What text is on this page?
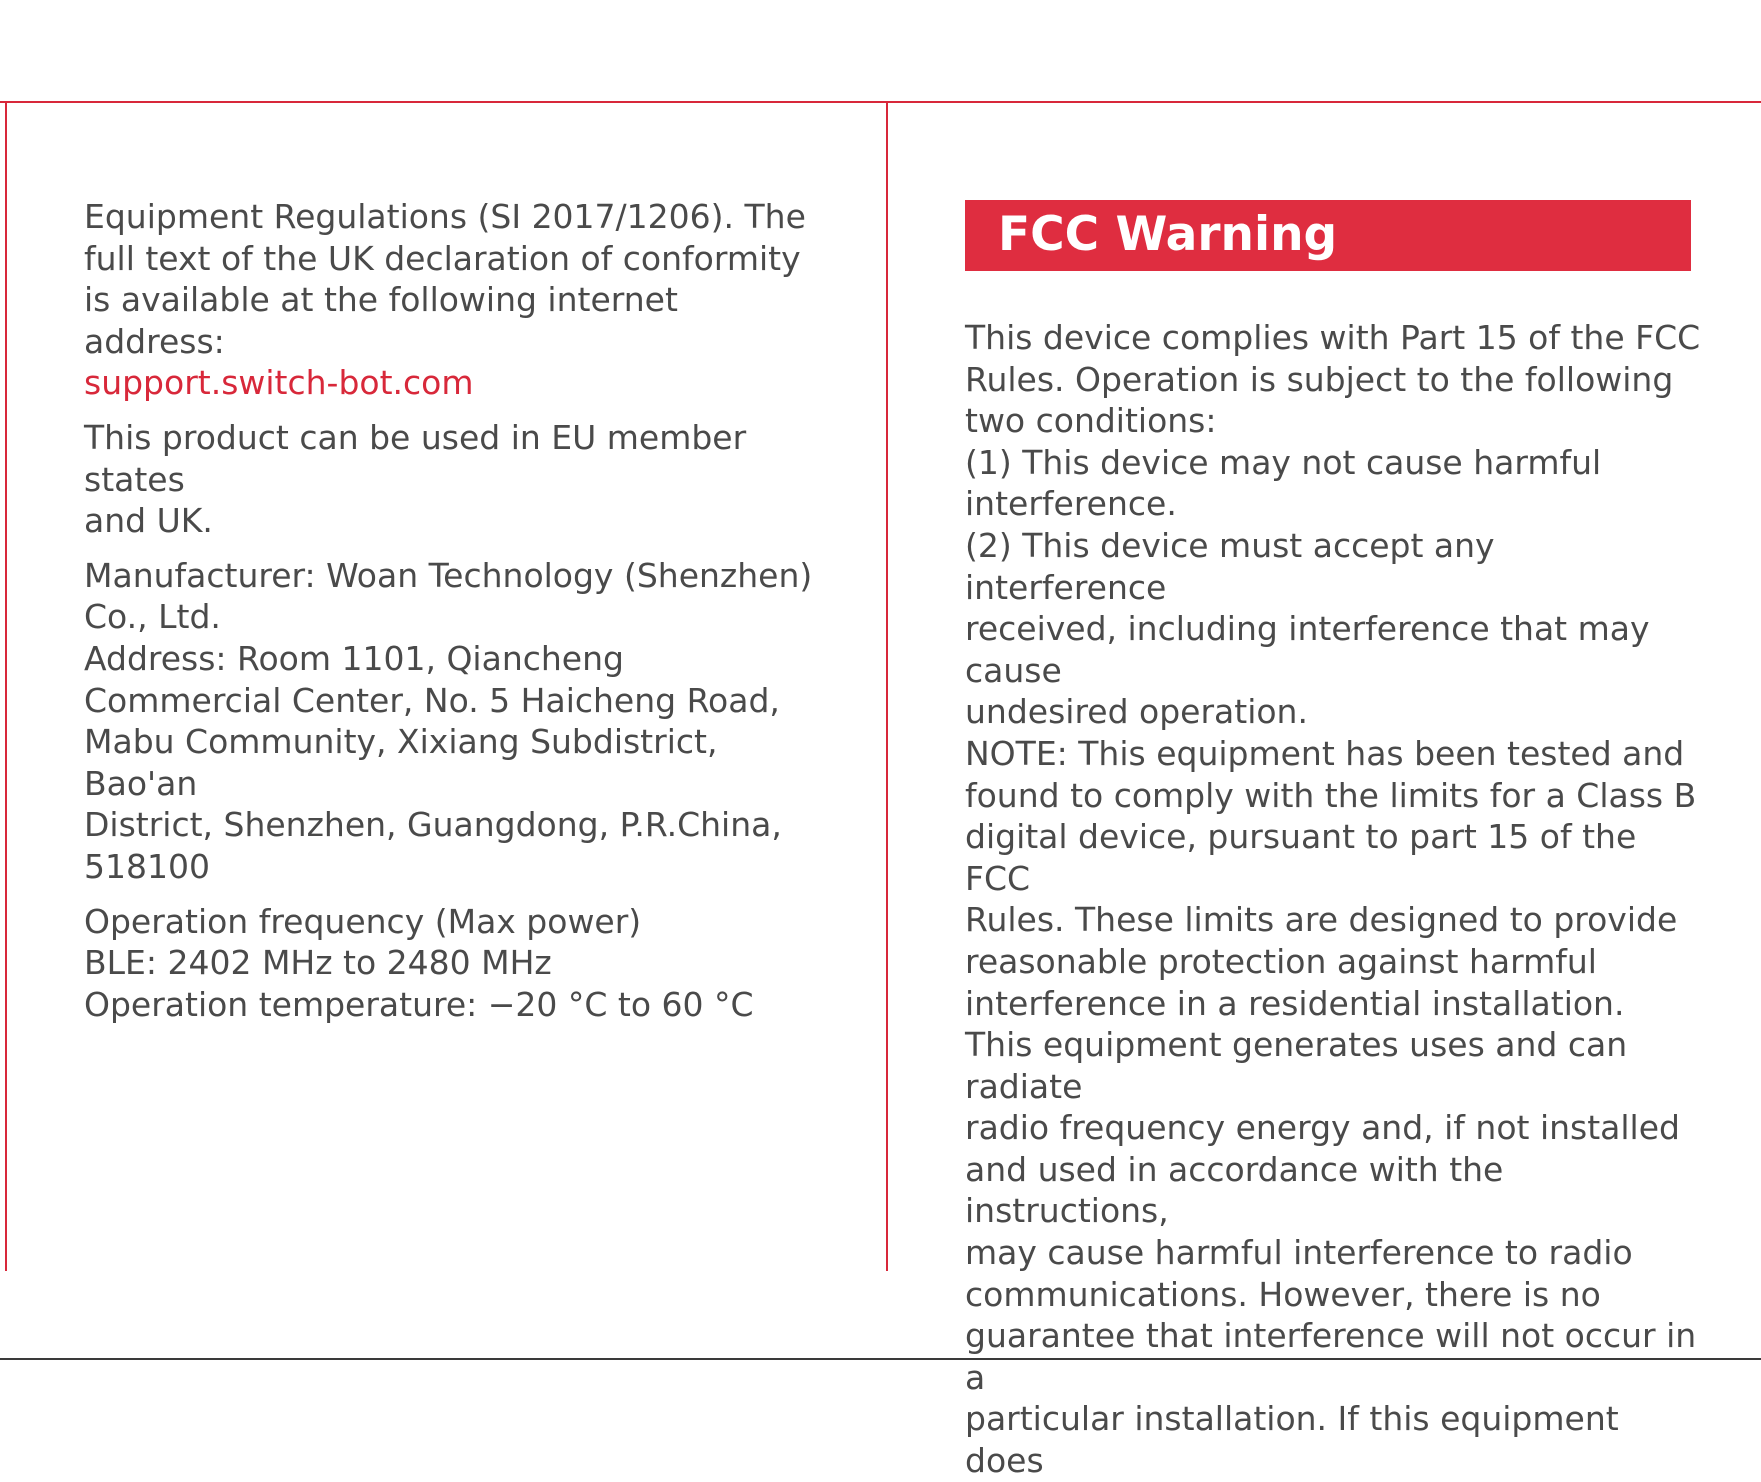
Equipment Regulations (SI 2017/1206). The
full text of the UK declaration of conformity
is available at the following internet address:
support.switch-bot.com

This product can be used in EU member states
and UK.

Manufacturer: Woan Technology (Shenzhen)
Co., Ltd.
Address: Room 1101, Qiancheng
Commercial Center, No. 5 Haicheng Road,
Mabu Community, Xixiang Subdistrict, Bao'an
District, Shenzhen, Guangdong, P.R.China,
518100

Operation frequency (Max power)
BLE: 2402 MHz to 2480 MHz
Operation temperature: −20 °C to 60 °C

FCC Warning

This device complies with Part 15 of the FCC
Rules. Operation is subject to the following
two conditions:
(1) This device may not cause harmful
interference.
(2) This device must accept any interference
received, including interference that may cause
undesired operation.
NOTE: This equipment has been tested and
found to comply with the limits for a Class B
digital device, pursuant to part 15 of the FCC
Rules. These limits are designed to provide
reasonable protection against harmful
interference in a residential installation.
This equipment generates uses and can radiate
radio frequency energy and, if not installed
and used in accordance with the instructions,
may cause harmful interference to radio
communications. However, there is no
guarantee that interference will not occur in a
particular installation. If this equipment does
